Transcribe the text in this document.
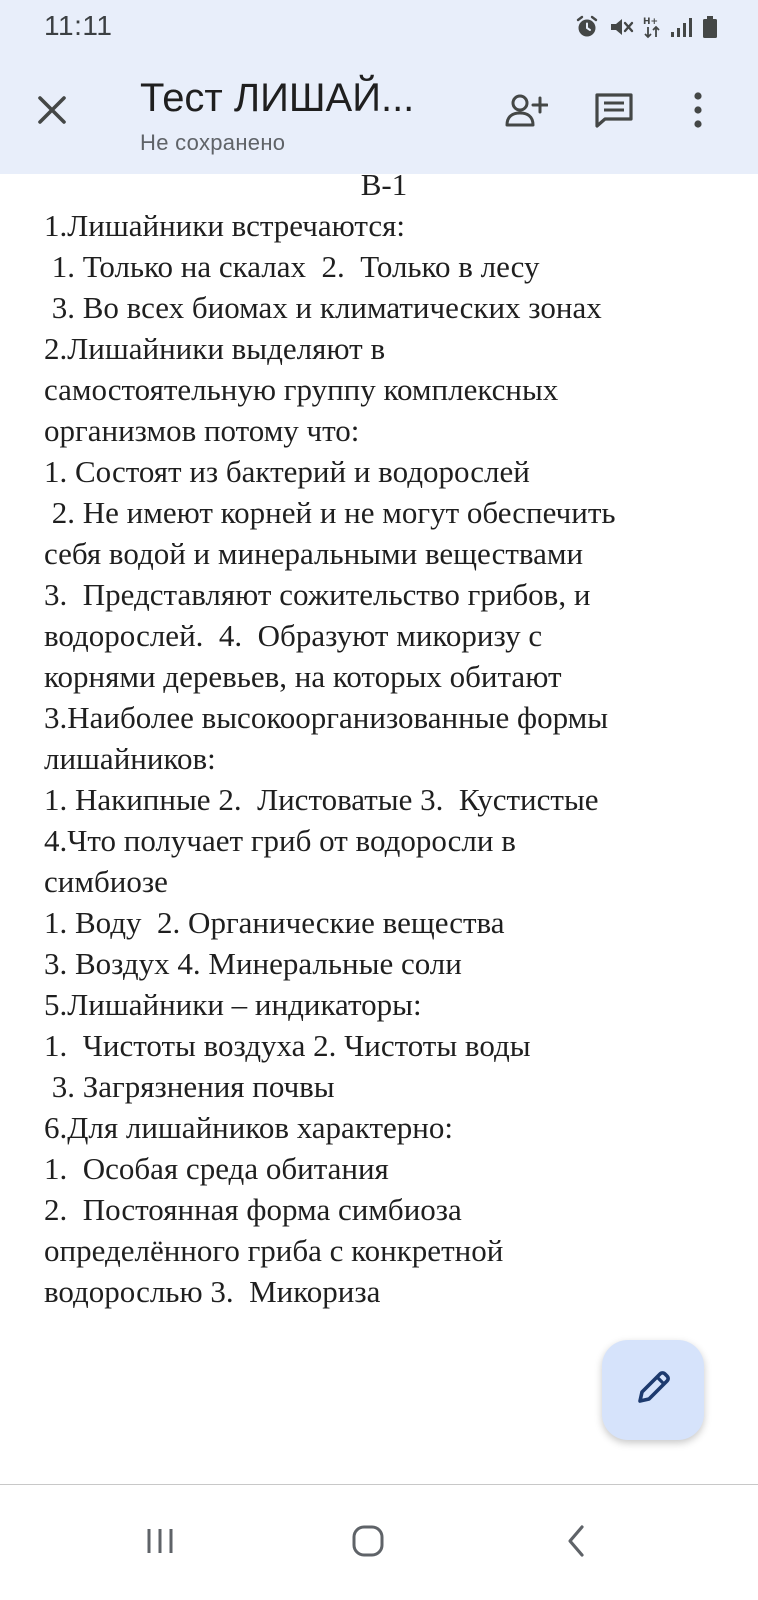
11:11	H+
Тест ЛИШАЙ...
Не сохранено
В-1
1.Лишайники встречаются:
1. Только на скалах  2.  Только в лесу
3. Во всех биомах и климатических зонах
2.Лишайники выделяют в
самостоятельную группу комплексных
организмов потому что:
1. Состоят из бактерий и водорослей
2. Не имеют корней и не могут обеспечить
себя водой и минеральными веществами
3.  Представляют сожительство грибов, и
водорослей.  4.  Образуют микоризу с
корнями деревьев, на которых обитают
3.Наиболее высокоорганизованные формы
лишайников:
1. Накипные 2.  Листоватые 3.  Кустистые
4.Что получает гриб от водоросли в
симбиозе
1. Воду  2. Органические вещества
3. Воздух 4. Минеральные соли
5.Лишайники – индикаторы:
1.  Чистоты воздуха 2. Чистоты воды
3. Загрязнения почвы
6.Для лишайников характерно:
1.  Особая среда обитания
2.  Постоянная форма симбиоза
определённого гриба с конкретной
водорослью 3.  Микориза
